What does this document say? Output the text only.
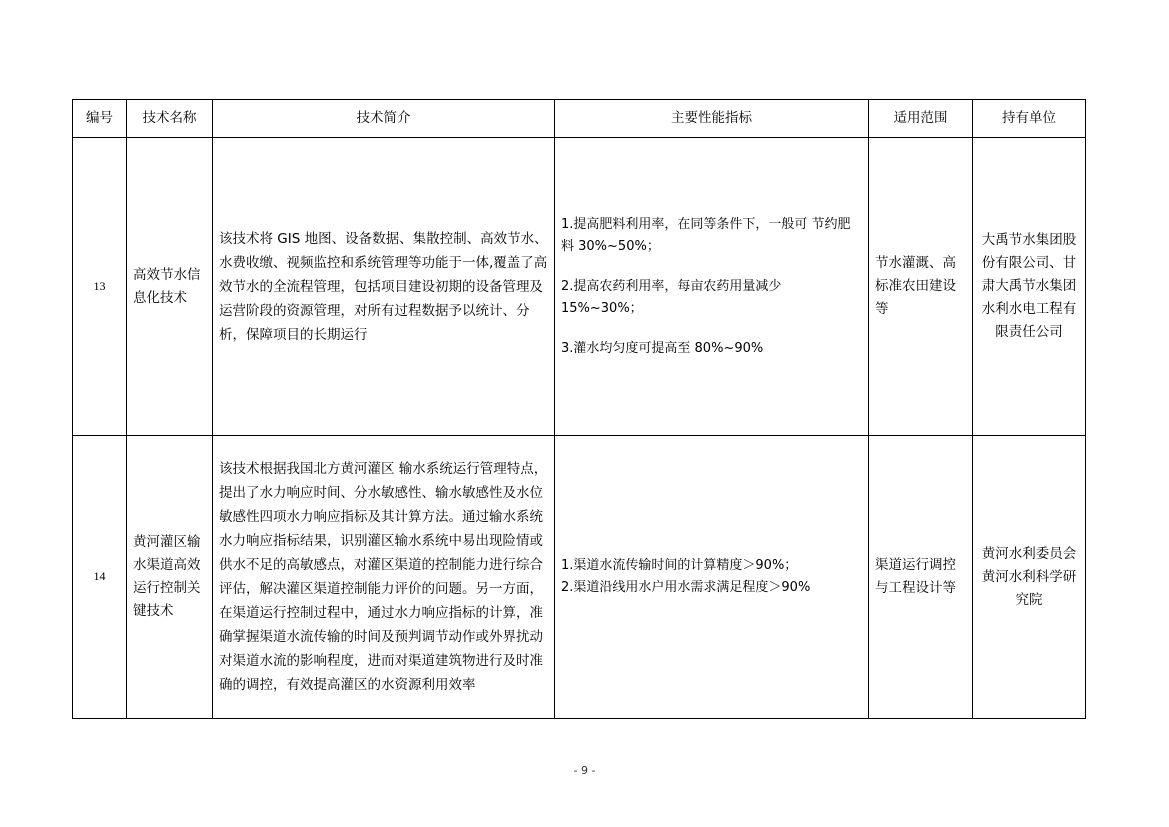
编号	技术名称	技术简介	主要性能指标	适用范围	持有单位
13	高效节水信息化技术	该技术将 GIS 地图、设备数据、集散控制、高效节水、水费收缴、视频监控和系统管理等功能于一体,覆盖了高效节水的全流程管理，包括项目建设初期的设备管理及运营阶段的资源管理，对所有过程数据予以统计、分析，保障项目的长期运行	1.提高肥料利用率，在同等条件下，一般可 节约肥料 30%~50%；

2.提高农药利用率，每亩农药用量减少 15%~30%；

3.灌水均匀度可提高至 80%~90%	节水灌溉、高标准农田建设等	大禹节水集团股份有限公司、甘肃大禹节水集团水利水电工程有限责任公司
14	黄河灌区输水渠道高效运行控制关键技术	该技术根据我国北方黄河灌区 输水系统运行管理特点，提出了水力响应时间、分水敏感性、输水敏感性及水位敏感性四项水力响应指标及其计算方法。通过输水系统水力响应指标结果，识别灌区输水系统中易出现险情或供水不足的高敏感点，对灌区渠道的控制能力进行综合评估，解决灌区渠道控制能力评价的问题。另一方面，在渠道运行控制过程中，通过水力响应指标的计算，准确掌握渠道水流传输的时间及预判调节动作或外界扰动对渠道水流的影响程度，进而对渠道建筑物进行及时准确的调控，有效提高灌区的水资源利用效率	1.渠道水流传输时间的计算精度＞90%；

2.渠道沿线用水户用水需求满足程度＞90%	渠道运行调控与工程设计等	黄河水利委员会黄河水利科学研究院
- 9 -
